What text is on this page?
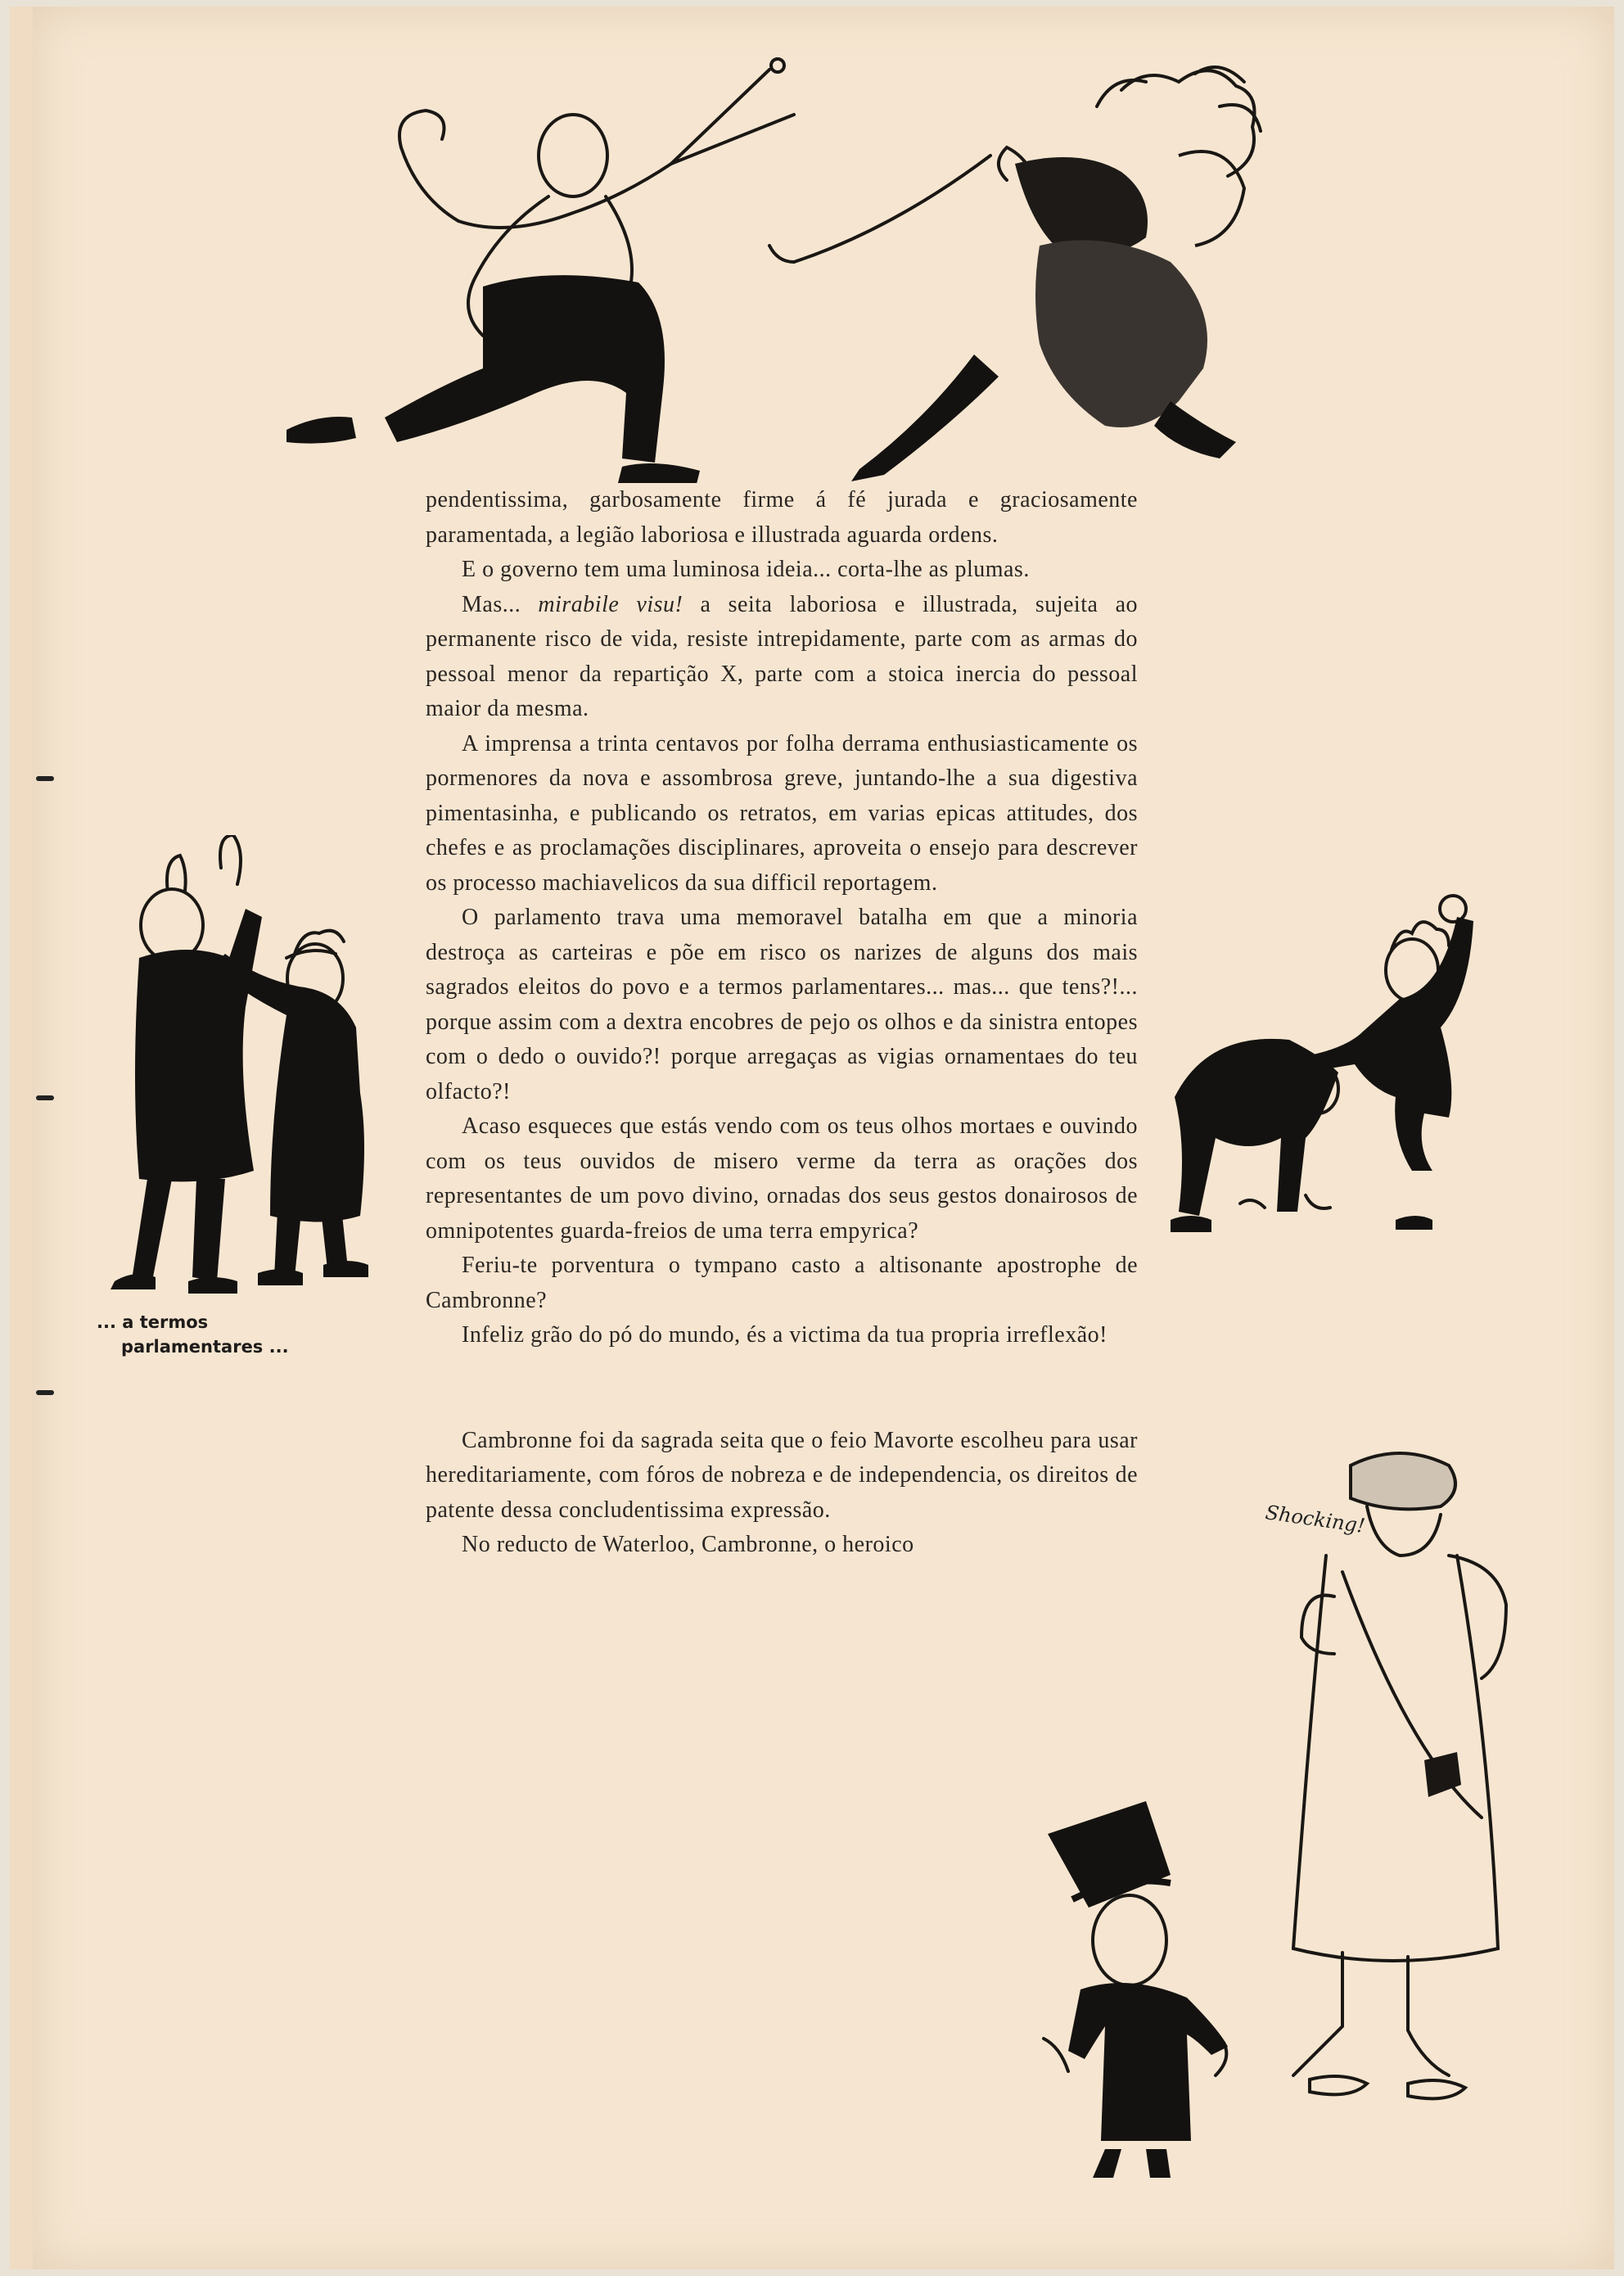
... a termos
parlamentares ...
Shocking!

pendentissima, garbosamente firme á fé jurada e graciosamente paramentada, a legião laboriosa e illustrada aguarda ordens.

E o governo tem uma luminosa ideia... corta-lhe as plumas.

Mas... mirabile visu! a seita laboriosa e illustrada, sujeita ao permanente risco de vida, resiste intrepidamente, parte com as armas do pessoal menor da repartição X, parte com a stoica inercia do pessoal maior da mesma.

A imprensa a trinta centavos por folha derrama enthusiasticamente os pormenores da nova e assombrosa greve, juntando-lhe a sua digestiva pimentasinha, e publicando os retratos, em varias epicas attitudes, dos chefes e as proclamações disciplinares, aproveita o ensejo para descrever os processo machiavelicos da sua difficil reportagem.

O parlamento trava uma memoravel batalha em que a minoria destroça as carteiras e põe em risco os narizes de alguns dos mais sagrados eleitos do povo e a termos parlamentares... mas... que tens?!... porque assim com a dextra encobres de pejo os olhos e da sinistra entopes com o dedo o ouvido?! porque arregaças as vigias ornamentaes do teu olfacto?!

Acaso esqueces que estás vendo com os teus olhos mortaes e ouvindo com os teus ouvidos de misero verme da terra as orações dos representantes de um povo divino, ornadas dos seus gestos donairosos de omnipotentes guarda-freios de uma terra empyrica?

Feriu-te porventura o tympano casto a altisonante apostrophe de Cambronne?

Infeliz grão do pó do mundo, és a victima da tua propria irreflexão!

Cambronne foi da sagrada seita que o feio Mavorte escolheu para usar hereditariamente, com fóros de nobreza e de independencia, os direitos de patente dessa concludentissima expressão.

No reducto de Waterloo, Cambronne, o heroico
